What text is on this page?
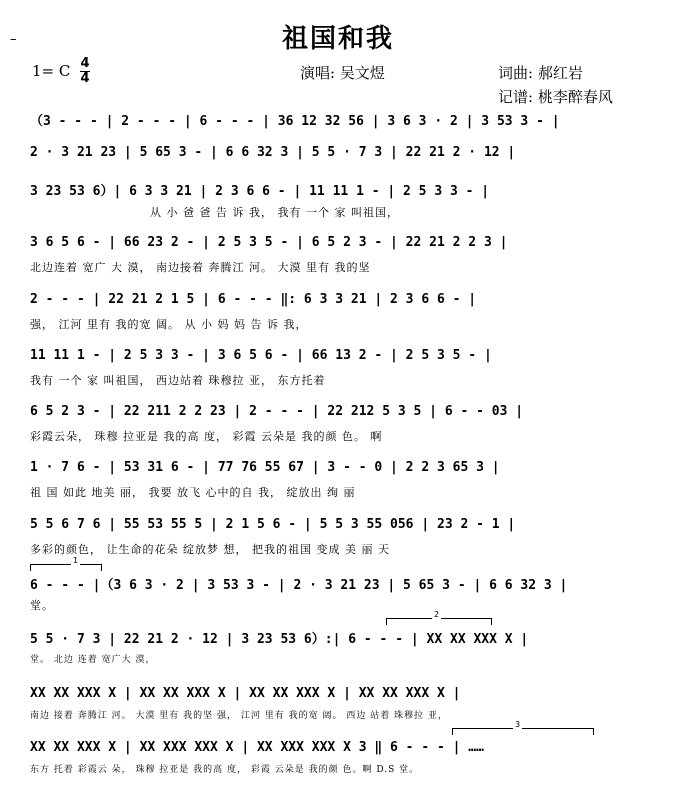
–	祖国和我
1= C 4
4	演唱: 吴文煜	词曲: 郝红岩
记谱: 桃李醉春风
（3 - - - | 2 - - - | 6 - - - | 36 12 32 56 | 3 6 3 · 2 | 3 53 3 - |
2 · 3 21 23 | 5 65 3 - | 6 6 32 3 | 5 5 · 7 3 | 22 21 2 · 12 |
3 23 53 6）| 6 3 3 21 | 2 3 6 6 - | 11 11 1 - | 2 5 3 3 - |
从 小 爸 爸 告 诉 我， 我有 一个 家 叫祖国，
3 6 5 6 - | 66 23 2 - | 2 5 3 5 - | 6 5 2 3 - | 22 21 2 2 3 |
北边连着 宽广 大 漠， 南边接着 奔腾江 河。 大漠 里有 我的坚
2 - - - | 22 21 2 1 5 | 6 - - - ‖: 6 3 3 21 | 2 3 6 6 - |
强， 江河 里有 我的宽 阔。 从 小 妈 妈 告 诉 我，
11 11 1 - | 2 5 3 3 - | 3 6 5 6 - | 66 13 2 - | 2 5 3 5 - |
我有 一个 家 叫祖国， 西边站着 珠穆拉 亚， 东方托着
6 5 2 3 - | 22 211 2 2 23 | 2 - - - | 22 212 5 3 5 | 6 - - 03 |
彩霞云朵， 珠穆 拉亚是 我的高 度， 彩霞 云朵是 我的颜 色。 啊
1 · 7 6 - | 53 31 6 - | 77 76 55 67 | 3 - - 0 | 2 2 3 65 3 |
祖 国 如此 地美 丽， 我要 放飞 心中的自 我， 绽放出 绚 丽
5 5 6 7 6 | 55 53 55 5 | 2 1 5 6 - | 5 5 3 55 056 | 23 2 - 1 |
多彩的颜色， 让生命的花朵 绽放梦 想， 把我的祖国 变成 美 丽 天
1
6 - - - |（3 6 3 · 2 | 3 53 3 - | 2 · 3 21 23 | 5 65 3 - | 6 6 32 3 |
堂。
2
5 5 · 7 3 | 22 21 2 · 12 | 3 23 53 6）:| 6 - - - | XX XX XXX X |
堂。 北边 连着 宽广大 漠，
XX XX XXX X | XX XX XXX X | XX XX XXX X | XX XX XXX X |
南边 接着 奔腾江 河。 大漠 里有 我的坚 强， 江河 里有 我的宽 阔。 西边 站着 珠穆拉 亚，
3
XX XX XXX X | XX XXX XXX X | XX XXX XXX X 3 ‖ 6 - - - | ……
东方 托着 彩霞云 朵， 珠穆 拉亚是 我的高 度， 彩霞 云朵是 我的颜 色。啊 D.S 堂。
